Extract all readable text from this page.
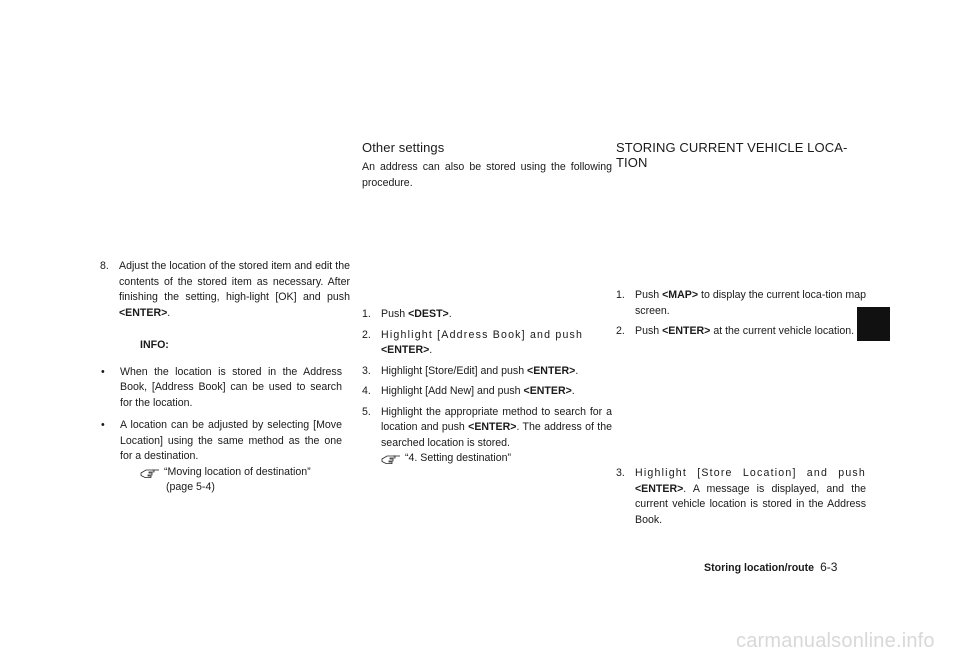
8. Adjust the location of the stored item and edit the contents of the stored item as necessary. After finishing the setting, high-light [OK] and push <ENTER>.
INFO:
•	When the location is stored in the Address Book, [Address Book] can be used to search for the location.
•	A location can be adjusted by selecting [Move Location] using the same method as the one for a destination.
“Moving location of destination”
(page 5-4)
Other settings
An address can also be stored using the following procedure.
1. Push <DEST>.
2. Highlight [Address Book] and push <ENTER>.
3. Highlight [Store/Edit] and push <ENTER>.
4. Highlight [Add New] and push <ENTER>.
5. Highlight the appropriate method to search for a location and push <ENTER>. The address of the searched location is stored.
“4. Setting destination”
STORING CURRENT VEHICLE LOCA-
TION
1. Push <MAP> to display the current loca-tion map screen.
2. Push <ENTER> at the current vehicle location.
3. Highlight [Store Location] and push <ENTER>. A message is displayed, and the current vehicle location is stored in the Address Book.
Storing location/route 6-3
carmanualsonline.info
